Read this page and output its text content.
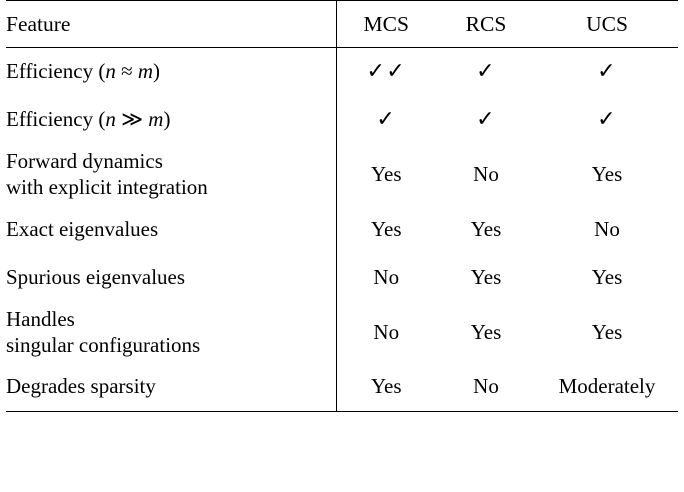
Feature	MCS	RCS	UCS
Efficiency (n ≈ m)	✓✓	✓	✓
Efficiency (n ≫ m)	✓	✓	✓

Forward dynamics
with explicit integration	Yes	No	Yes
Exact eigenvalues	Yes	Yes	No
Spurious eigenvalues	No	Yes	Yes

Handles
singular configurations	No	Yes	Yes
Degrades sparsity	Yes	No	Moderately
